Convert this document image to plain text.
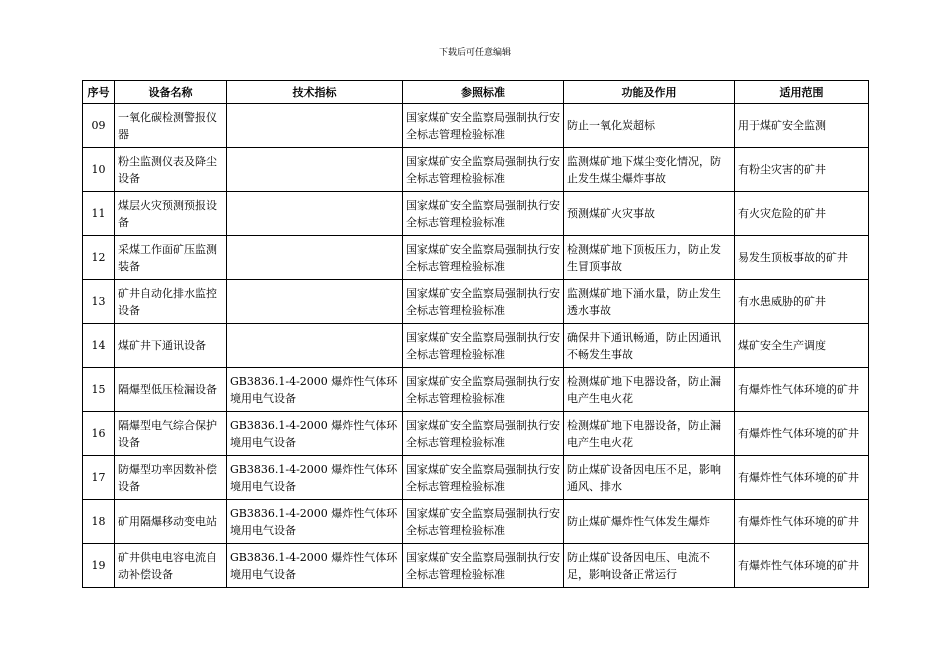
下载后可任意编辑
序号	设备名称	技术指标	参照标准	功能及作用	适用范围
09	一氧化碳检测警报仪器		国家煤矿安全监察局强制执行安全标志管理检验标准	防止一氧化炭超标	用于煤矿安全监测
10	粉尘监测仪表及降尘设备		国家煤矿安全监察局强制执行安全标志管理检验标准	监测煤矿地下煤尘变化情况，防止发生煤尘爆炸事故	有粉尘灾害的矿井
11	煤层火灾预测预报设备		国家煤矿安全监察局强制执行安全标志管理检验标准	预测煤矿火灾事故	有火灾危险的矿井
12	采煤工作面矿压监测装备		国家煤矿安全监察局强制执行安全标志管理检验标准	检测煤矿地下顶板压力，防止发生冒顶事故	易发生顶板事故的矿井
13	矿井自动化排水监控设备		国家煤矿安全监察局强制执行安全标志管理检验标准	监测煤矿地下涌水量，防止发生透水事故	有水患威胁的矿井
14	煤矿井下通讯设备		国家煤矿安全监察局强制执行安全标志管理检验标准	确保井下通讯畅通，防止因通讯不畅发生事故	煤矿安全生产调度
15	隔爆型低压检漏设备	GB3836.1-4-2000 爆炸性气体环境用电气设备	国家煤矿安全监察局强制执行安全标志管理检验标准	检测煤矿地下电器设备，防止漏电产生电火花	有爆炸性气体环境的矿井
16	隔爆型电气综合保护设备	GB3836.1-4-2000 爆炸性气体环境用电气设备	国家煤矿安全监察局强制执行安全标志管理检验标准	检测煤矿地下电器设备，防止漏电产生电火花	有爆炸性气体环境的矿井
17	防爆型功率因数补偿设备	GB3836.1-4-2000 爆炸性气体环境用电气设备	国家煤矿安全监察局强制执行安全标志管理检验标准	防止煤矿设备因电压不足，影响通风、排水	有爆炸性气体环境的矿井
18	矿用隔爆移动变电站	GB3836.1-4-2000 爆炸性气体环境用电气设备	国家煤矿安全监察局强制执行安全标志管理检验标准	防止煤矿爆炸性气体发生爆炸	有爆炸性气体环境的矿井
19	矿井供电电容电流自动补偿设备	GB3836.1-4-2000 爆炸性气体环境用电气设备	国家煤矿安全监察局强制执行安全标志管理检验标准	防止煤矿设备因电压、电流不足，影响设备正常运行	有爆炸性气体环境的矿井
